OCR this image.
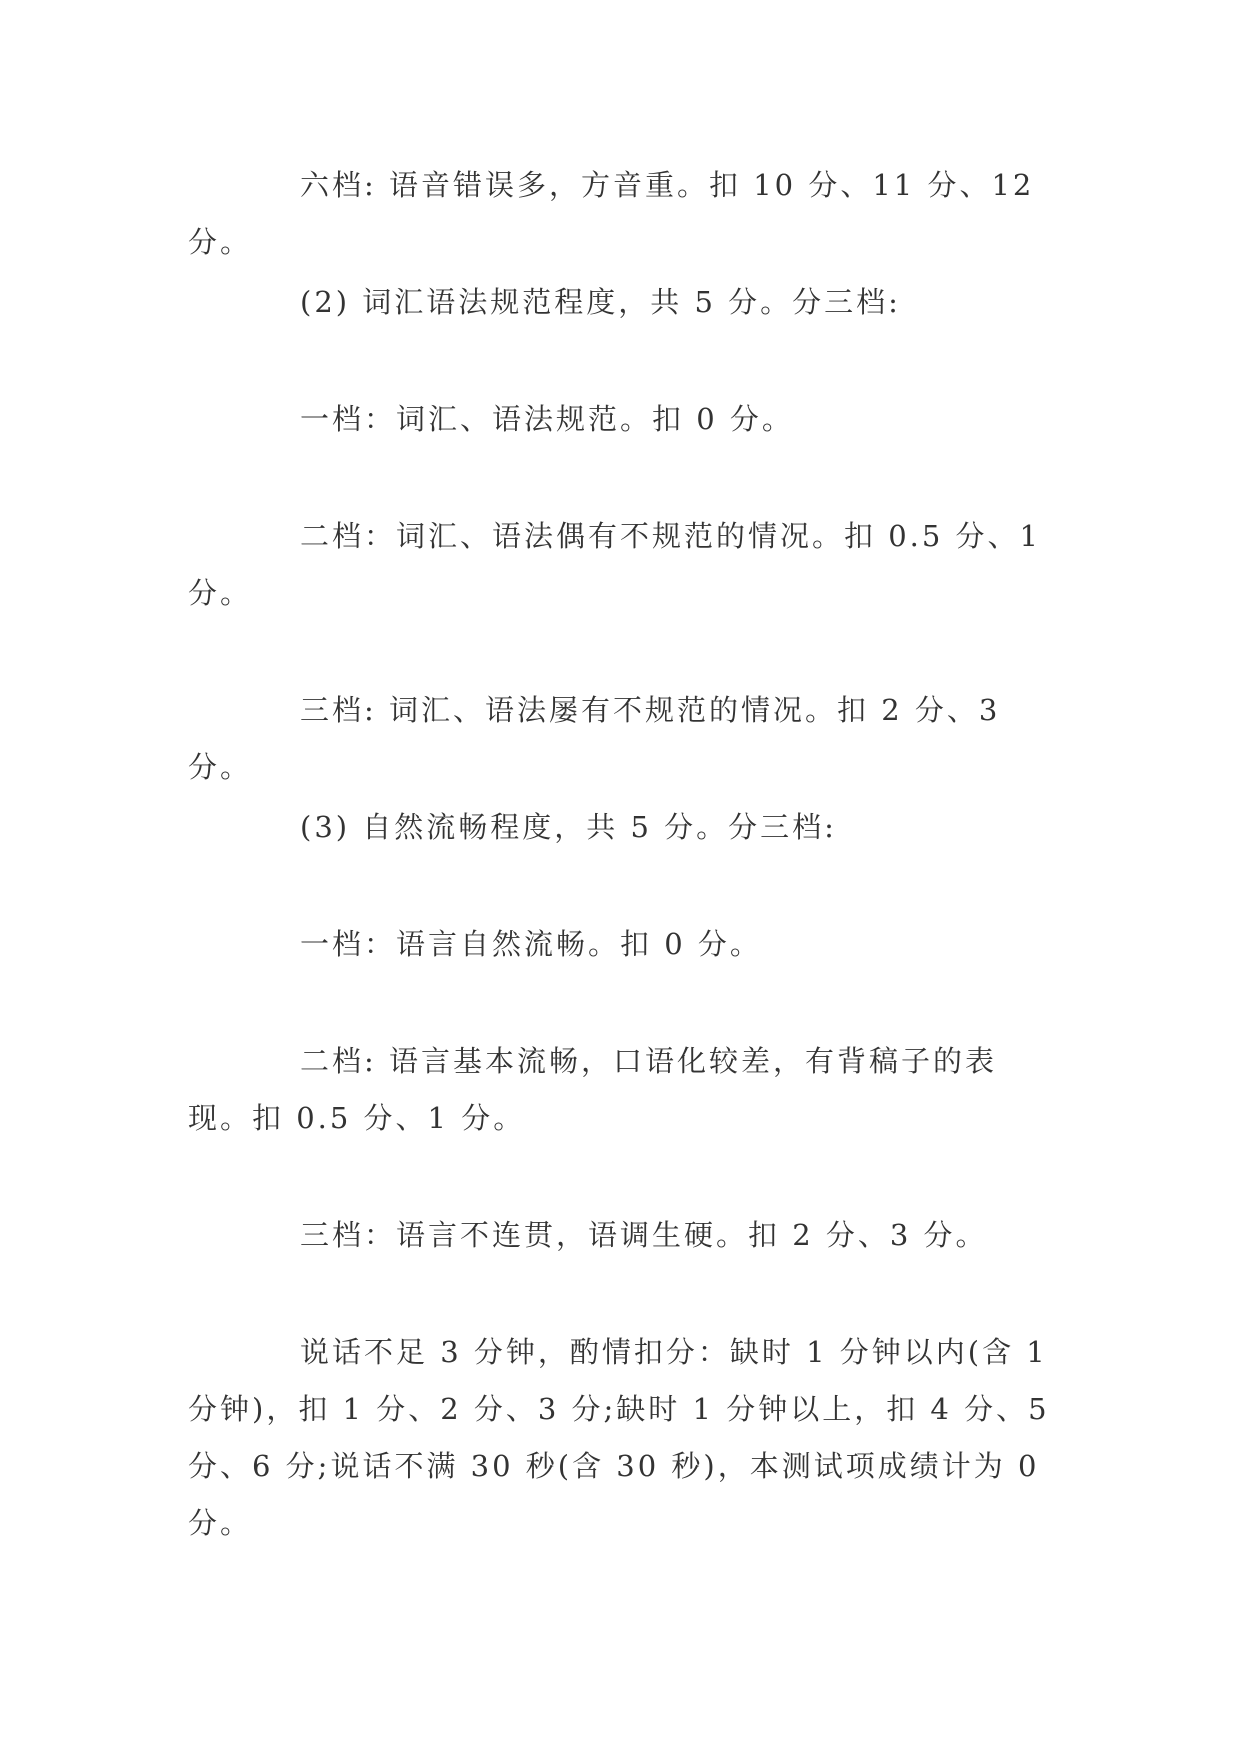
六档: 语音错误多，方音重。扣 10 分、11 分、12 分。

(2) 词汇语法规范程度，共 5 分。分三档:

一档：词汇、语法规范。扣 0 分。

二档：词汇、语法偶有不规范的情况。扣 0.5 分、1 分。

三档: 词汇、语法屡有不规范的情况。扣 2 分、3 分。

(3) 自然流畅程度，共 5 分。分三档:

一档：语言自然流畅。扣 0 分。

二档: 语言基本流畅，口语化较差，有背稿子的表现。扣 0.5 分、1 分。

三档：语言不连贯，语调生硬。扣 2 分、3 分。

说话不足 3 分钟，酌情扣分：缺时 1 分钟以内(含 1 分钟)，扣 1 分、2 分、3 分;缺时 1 分钟以上，扣 4 分、5 分、6 分;说话不满 30 秒(含 30 秒)，本测试项成绩计为 0 分。
